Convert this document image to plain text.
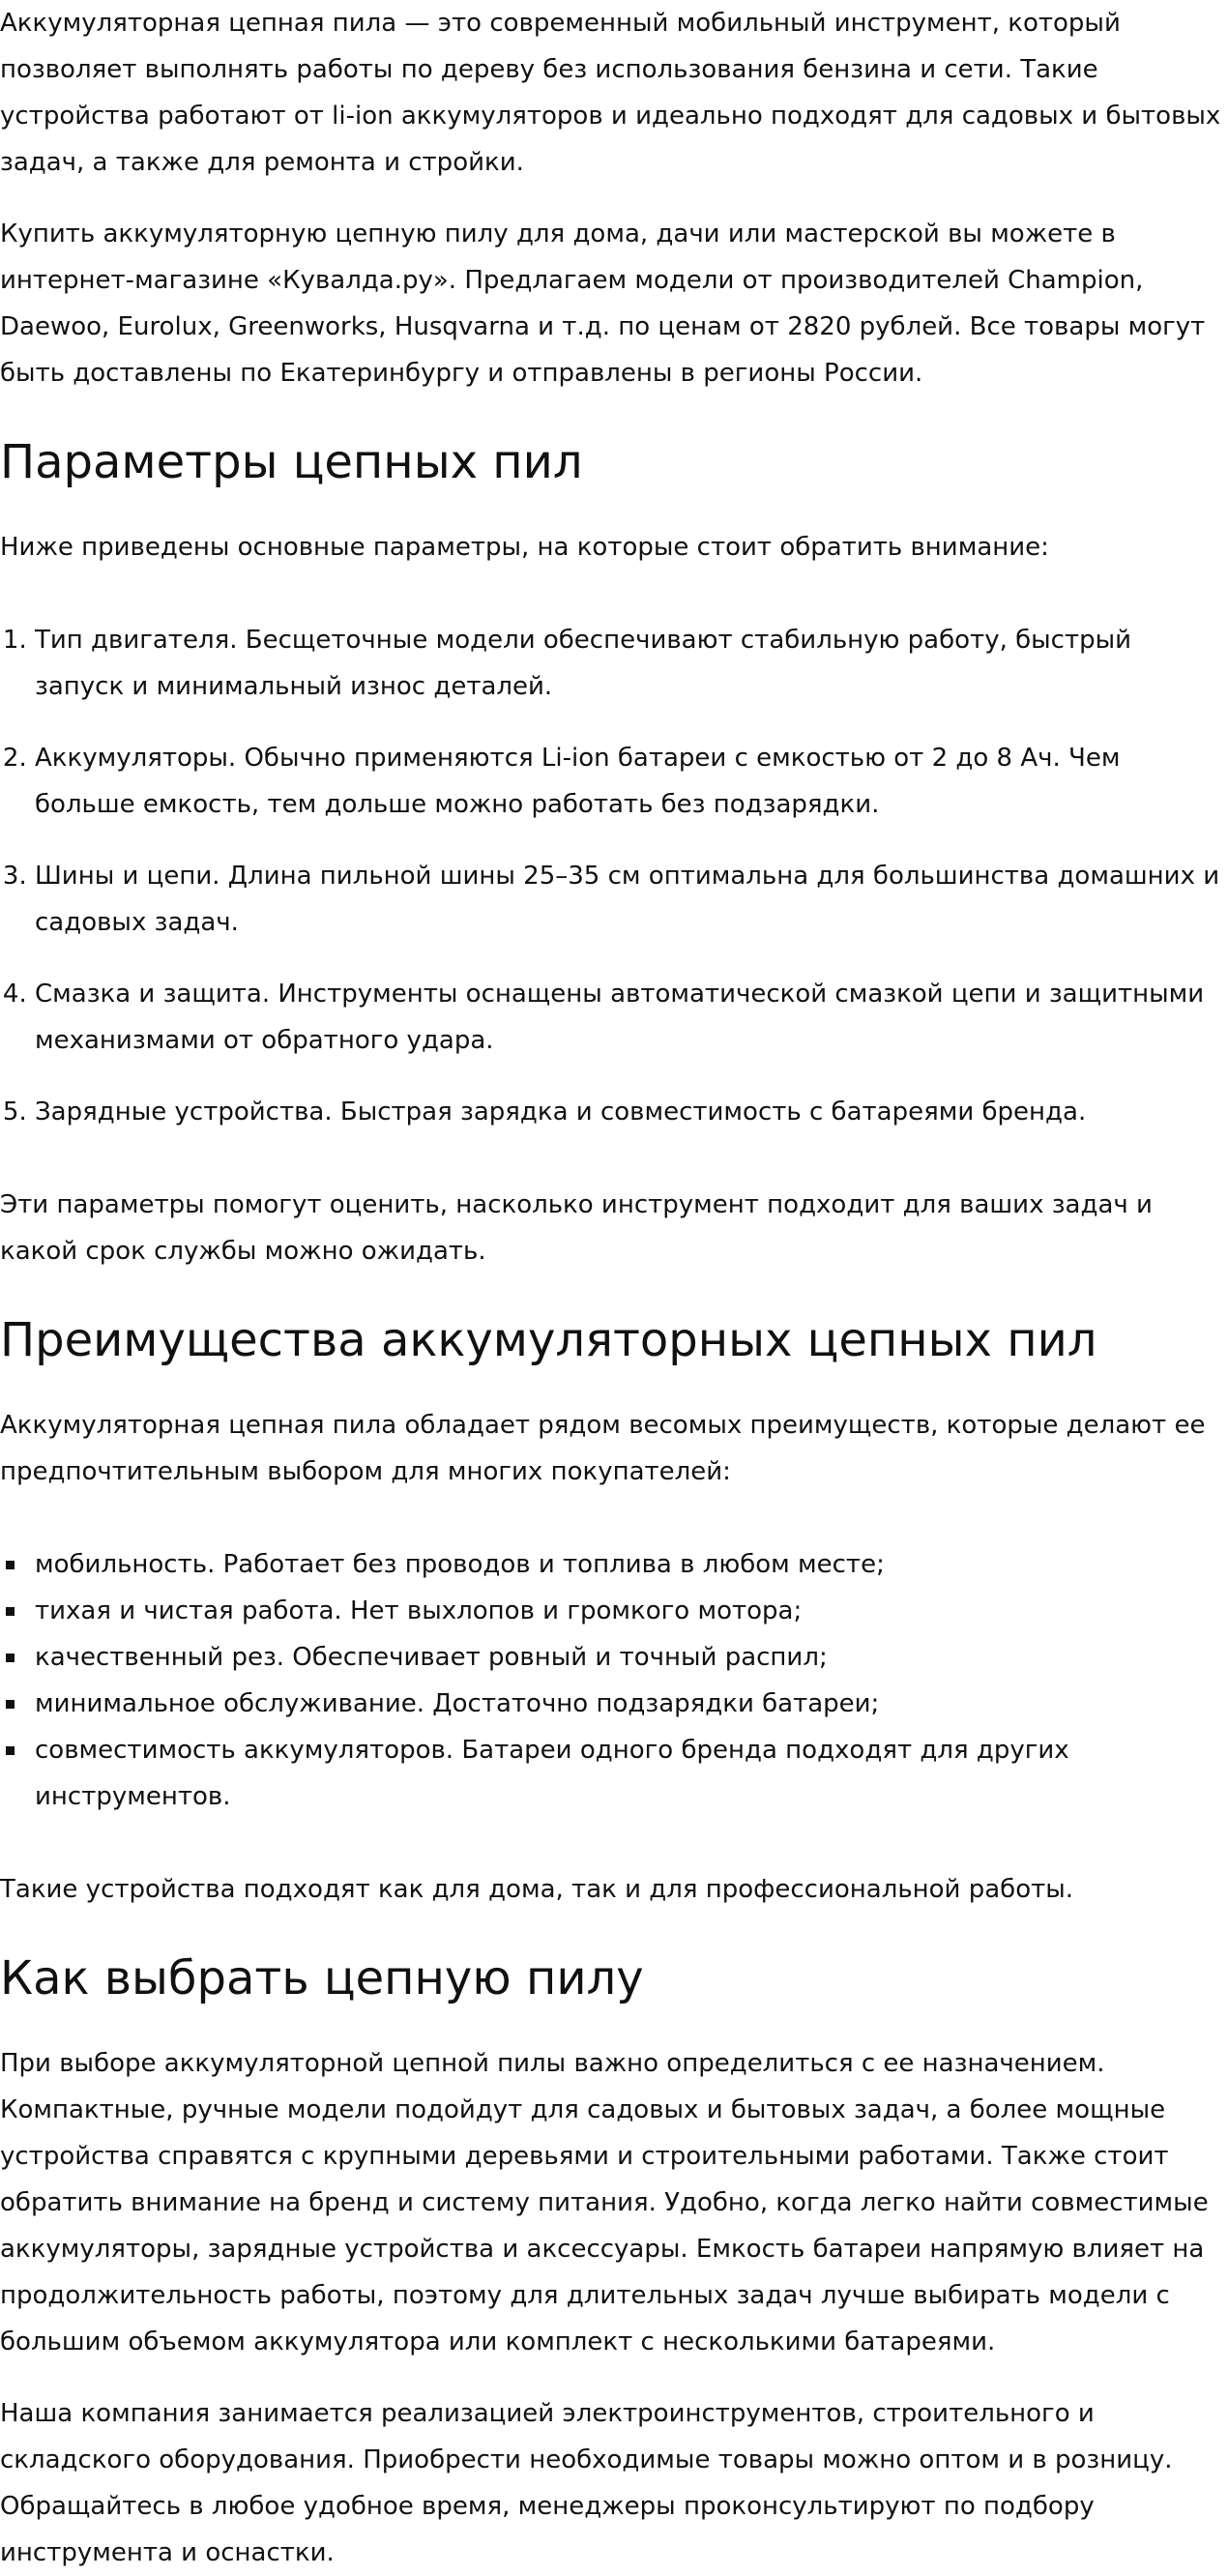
Аккумуляторная цепная пила — это современный мобильный инструмент, который позволяет выполнять работы по дереву без использования бензина и сети. Такие устройства работают от li-ion аккумуляторов и идеально подходят для садовых и бытовых задач, а также для ремонта и стройки.

Купить аккумуляторную цепную пилу для дома, дачи или мастерской вы можете в интернет-магазине «Кувалда.ру». Предлагаем модели от производителей Champion, Daewoo, Eurolux, Greenworks, Husqvarna и т.д. по ценам от 2820 рублей. Все товары могут быть доставлены по Екатеринбургу и отправлены в регионы России.

Параметры цепных пил

Ниже приведены основные параметры, на которые стоит обратить внимание:

1. Тип двигателя. Бесщеточные модели обеспечивают стабильную работу, быстрый запуск и минимальный износ деталей.
2. Аккумуляторы. Обычно применяются Li-ion батареи с емкостью от 2 до 8 Ач. Чем больше емкость, тем дольше можно работать без подзарядки.
3. Шины и цепи. Длина пильной шины 25–35 см оптимальна для большинства домашних и садовых задач.
4. Смазка и защита. Инструменты оснащены автоматической смазкой цепи и защитными механизмами от обратного удара.
5. Зарядные устройства. Быстрая зарядка и совместимость с батареями бренда.

Эти параметры помогут оценить, насколько инструмент подходит для ваших задач и какой срок службы можно ожидать.

Преимущества аккумуляторных цепных пил

Аккумуляторная цепная пила обладает рядом весомых преимуществ, которые делают ее предпочтительным выбором для многих покупателей:

мобильность. Работает без проводов и топлива в любом месте;
тихая и чистая работа. Нет выхлопов и громкого мотора;
качественный рез. Обеспечивает ровный и точный распил;
минимальное обслуживание. Достаточно подзарядки батареи;
совместимость аккумуляторов. Батареи одного бренда подходят для других инструментов.

Такие устройства подходят как для дома, так и для профессиональной работы.

Как выбрать цепную пилу

При выборе аккумуляторной цепной пилы важно определиться с ее назначением. Компактные, ручные модели подойдут для садовых и бытовых задач, а более мощные устройства справятся с крупными деревьями и строительными работами. Также стоит обратить внимание на бренд и систему питания. Удобно, когда легко найти совместимые аккумуляторы, зарядные устройства и аксессуары. Емкость батареи напрямую влияет на продолжительность работы, поэтому для длительных задач лучше выбирать модели с большим объемом аккумулятора или комплект с несколькими батареями.

Наша компания занимается реализацией электроинструментов, строительного и складского оборудования. Приобрести необходимые товары можно оптом и в розницу. Обращайтесь в любое удобное время, менеджеры проконсультируют по подбору инструмента и оснастки.
